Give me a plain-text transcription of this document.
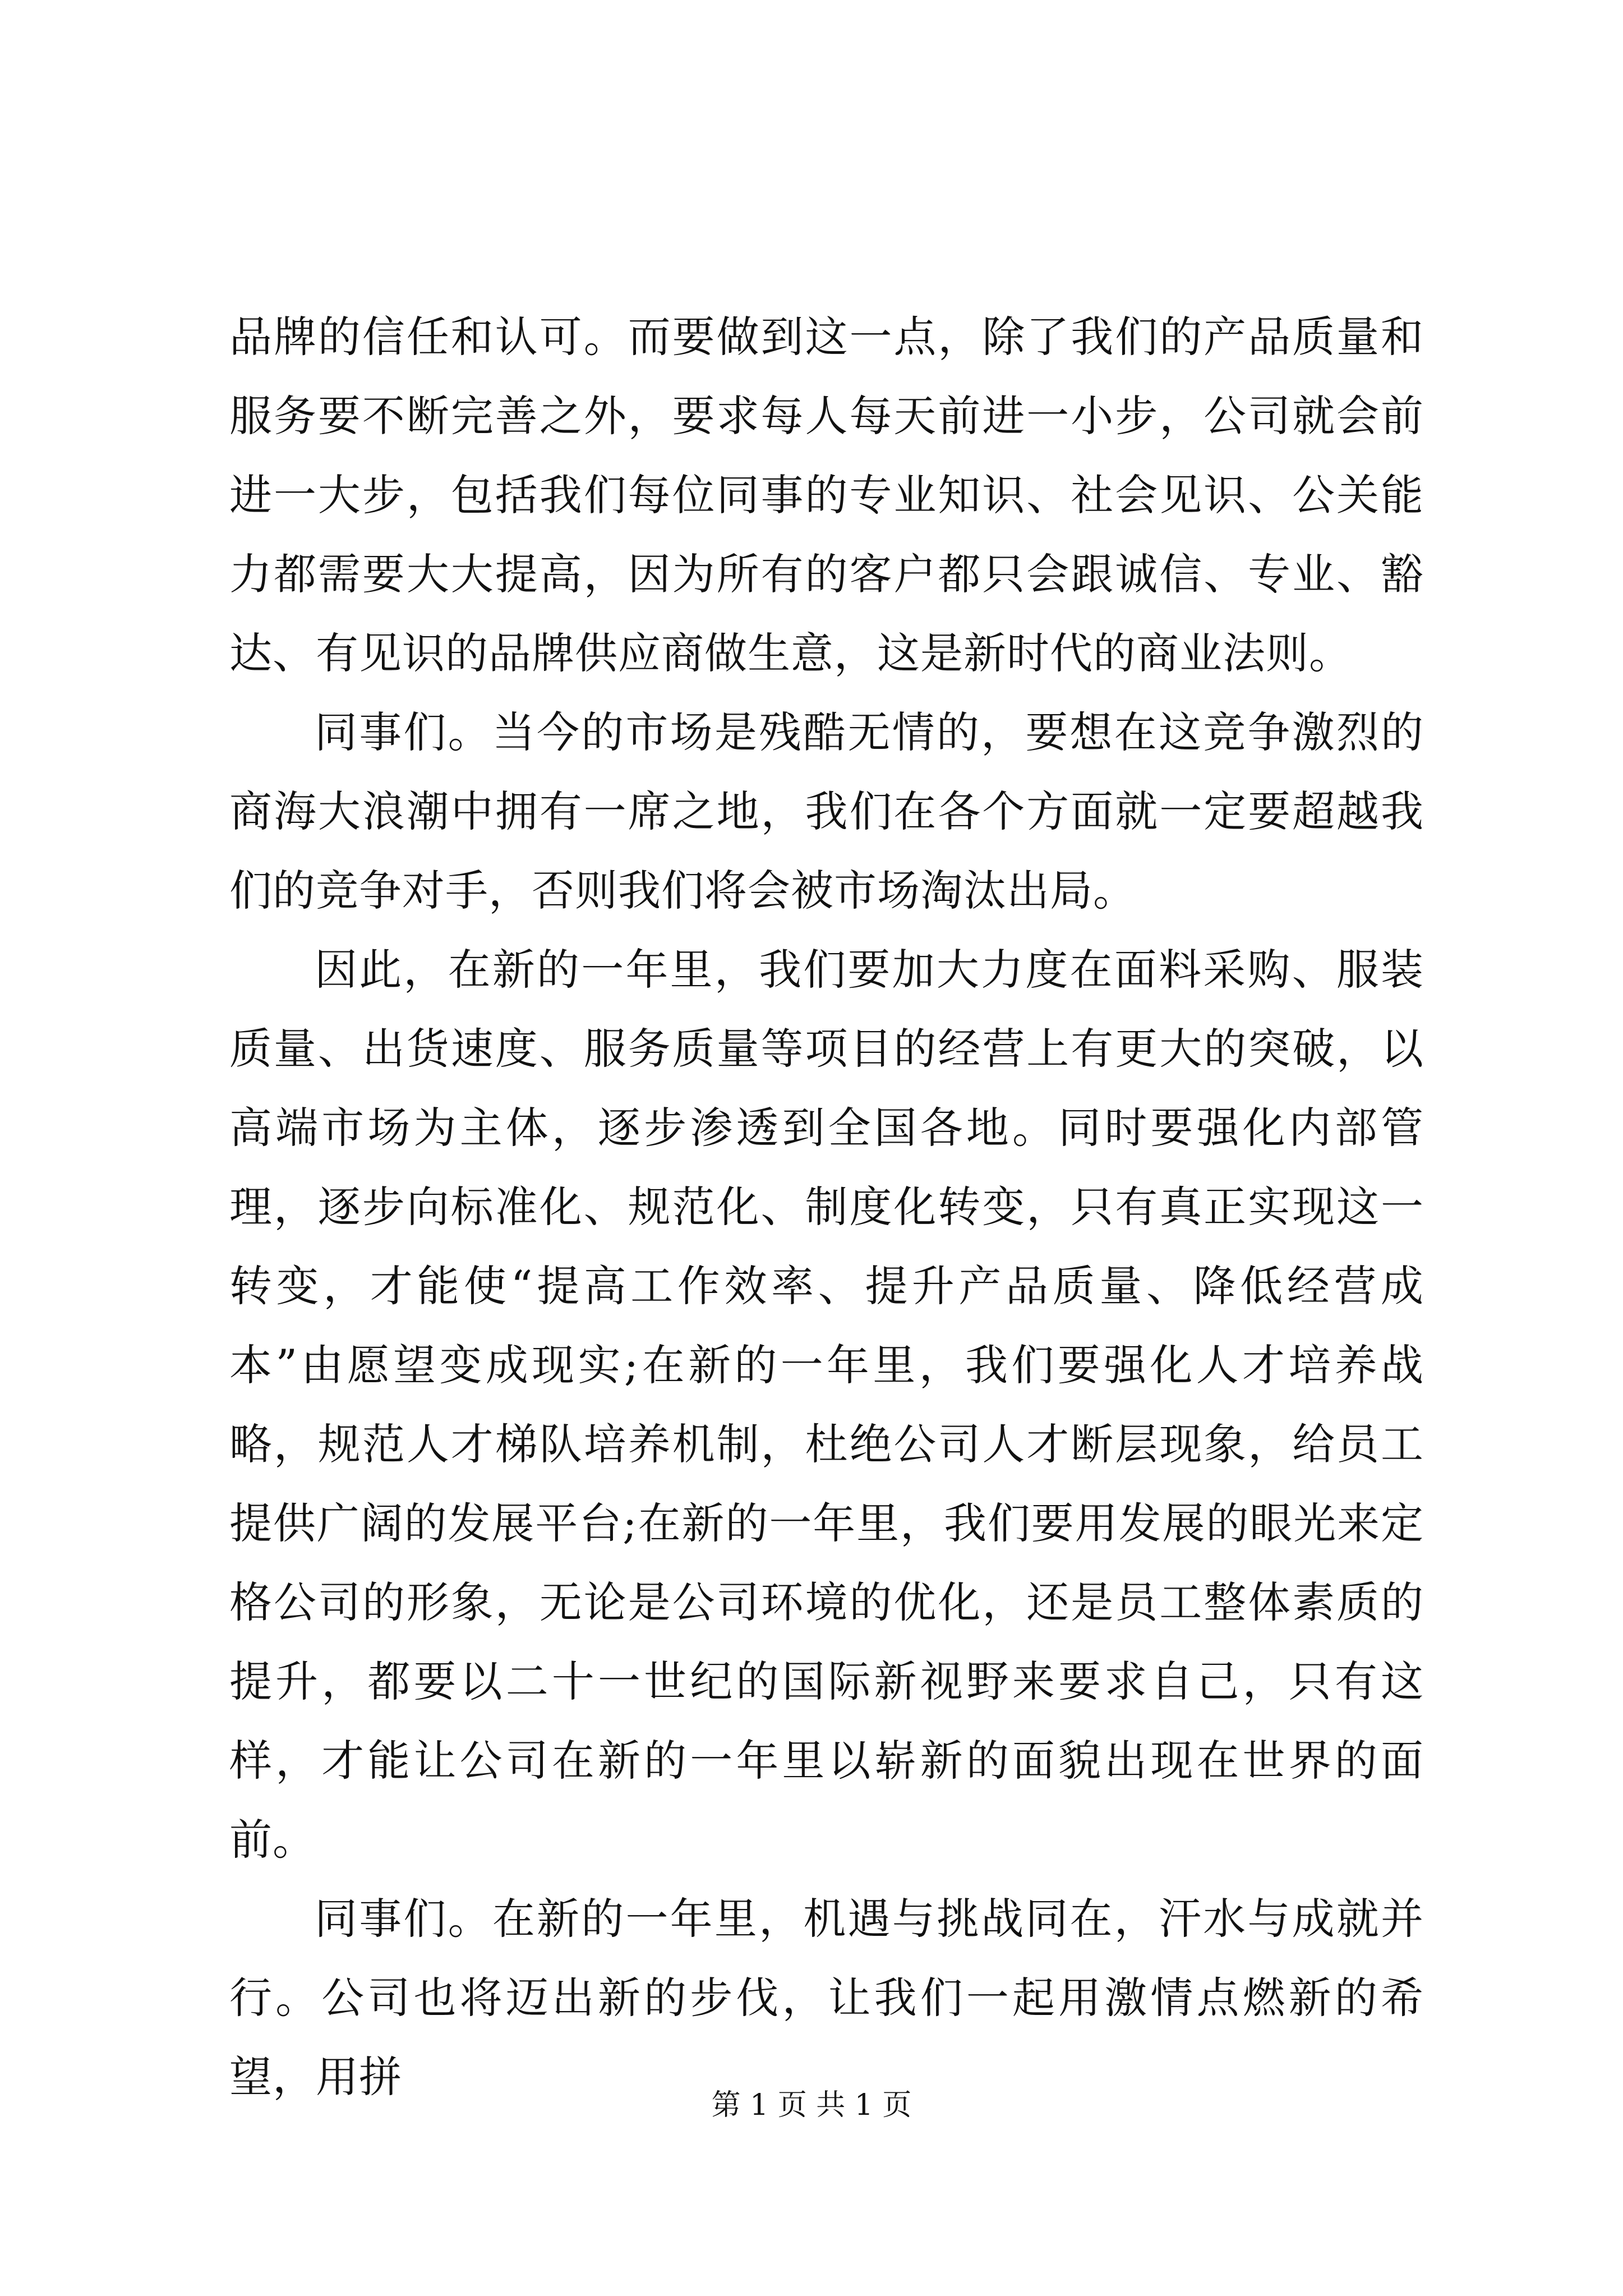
品牌的信任和认可。而要做到这一点，除了我们的产品质量和服务要不断完善之外，要求每人每天前进一小步，公司就会前进一大步，包括我们每位同事的专业知识、社会见识、公关能力都需要大大提高，因为所有的客户都只会跟诚信、专业、豁达、有见识的品牌供应商做生意，这是新时代的商业法则。

同事们。当今的市场是残酷无情的，要想在这竞争激烈的商海大浪潮中拥有一席之地，我们在各个方面就一定要超越我们的竞争对手，否则我们将会被市场淘汰出局。

因此，在新的一年里，我们要加大力度在面料采购、服装质量、出货速度、服务质量等项目的经营上有更大的突破，以高端市场为主体，逐步渗透到全国各地。同时要强化内部管理，逐步向标准化、规范化、制度化转变，只有真正实现这一转变，才能使“提高工作效率、提升产品质量、降低经营成本”由愿望变成现实;在新的一年里，我们要强化人才培养战略，规范人才梯队培养机制，杜绝公司人才断层现象，给员工提供广阔的发展平台;在新的一年里，我们要用发展的眼光来定格公司的形象，无论是公司环境的优化，还是员工整体素质的提升，都要以二十一世纪的国际新视野来要求自己，只有这样，才能让公司在新的一年里以崭新的面貌出现在世界的面前。

同事们。在新的一年里，机遇与挑战同在，汗水与成就并行。公司也将迈出新的步伐，让我们一起用激情点燃新的希望，用拼

第 1 页 共 1 页
